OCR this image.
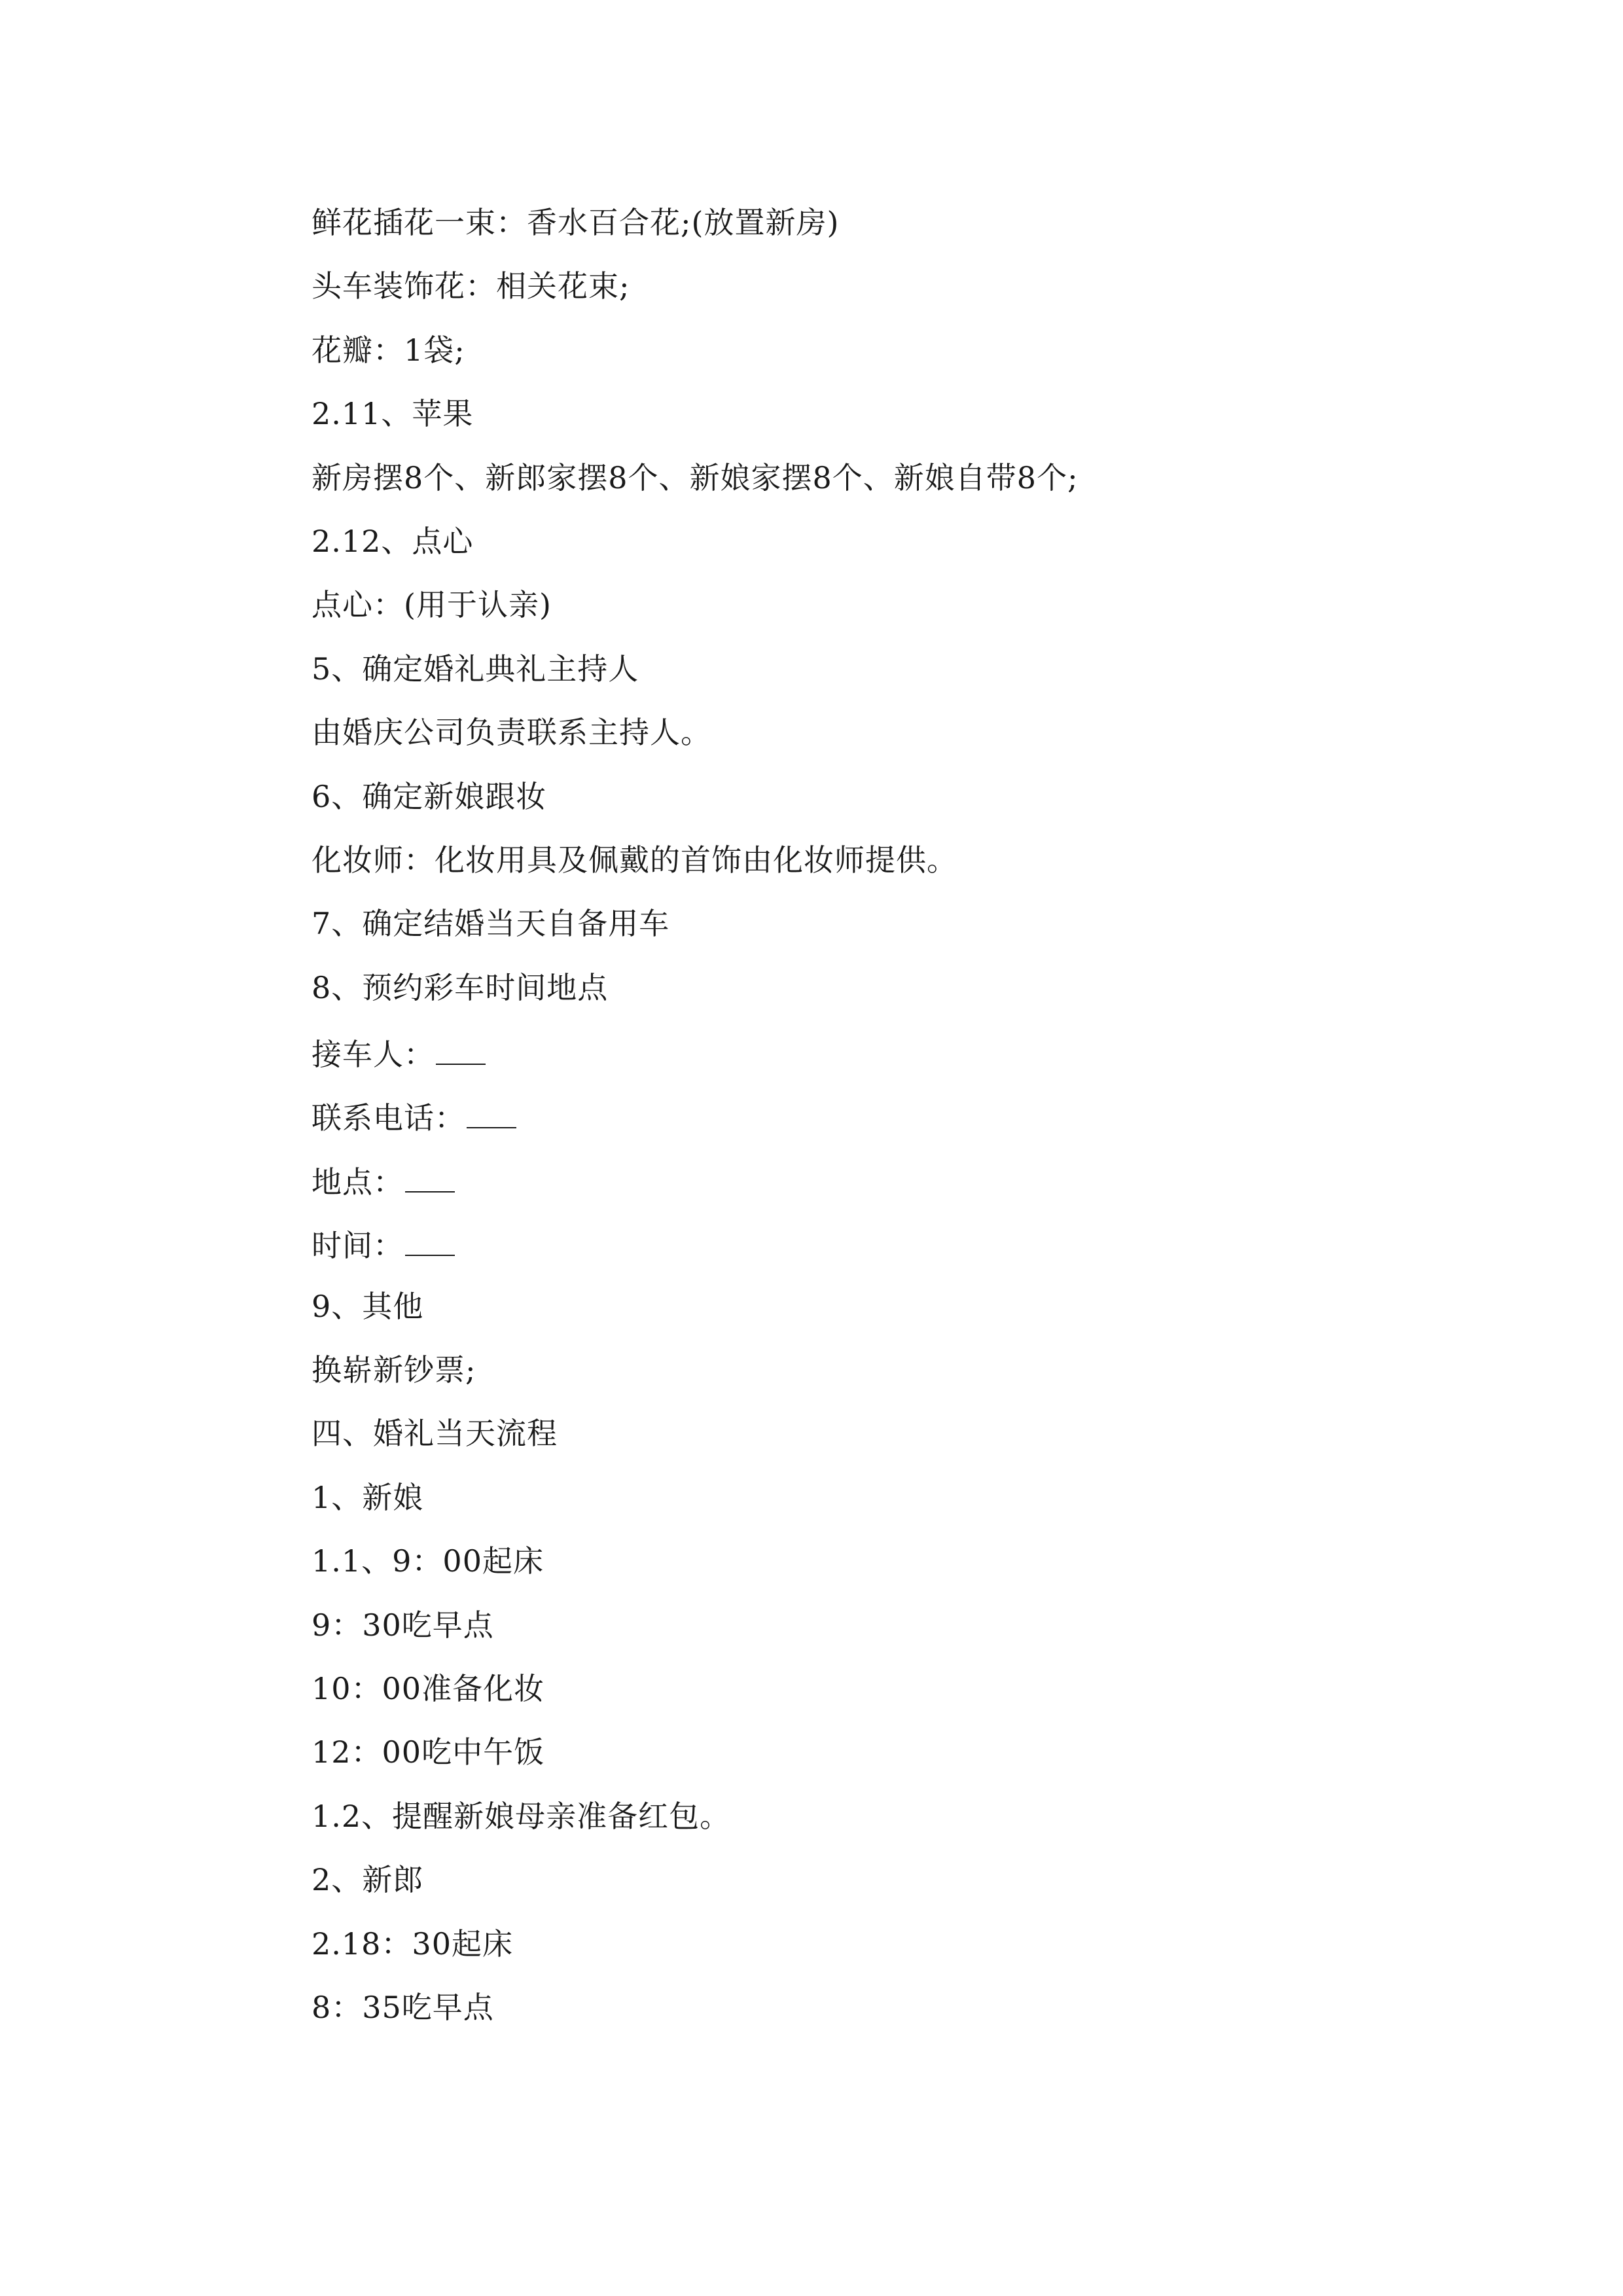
鲜花插花一束：香水百合花;(放置新房)
头车装饰花：相关花束;
花瓣：1袋;
2.11、苹果
新房摆8个、新郎家摆8个、新娘家摆8个、新娘自带8个;
2.12、点心
点心：(用于认亲)
5、确定婚礼典礼主持人
由婚庆公司负责联系主持人。
6、确定新娘跟妆
化妆师：化妆用具及佩戴的首饰由化妆师提供。
7、确定结婚当天自备用车
8、预约彩车时间地点
接车人：
联系电话：
地点：
时间：
9、其他
换崭新钞票;
四、婚礼当天流程
1、新娘
1.1、9：00起床
9：30吃早点
10：00准备化妆
12：00吃中午饭
1.2、提醒新娘母亲准备红包。
2、新郎
2.18：30起床
8：35吃早点
